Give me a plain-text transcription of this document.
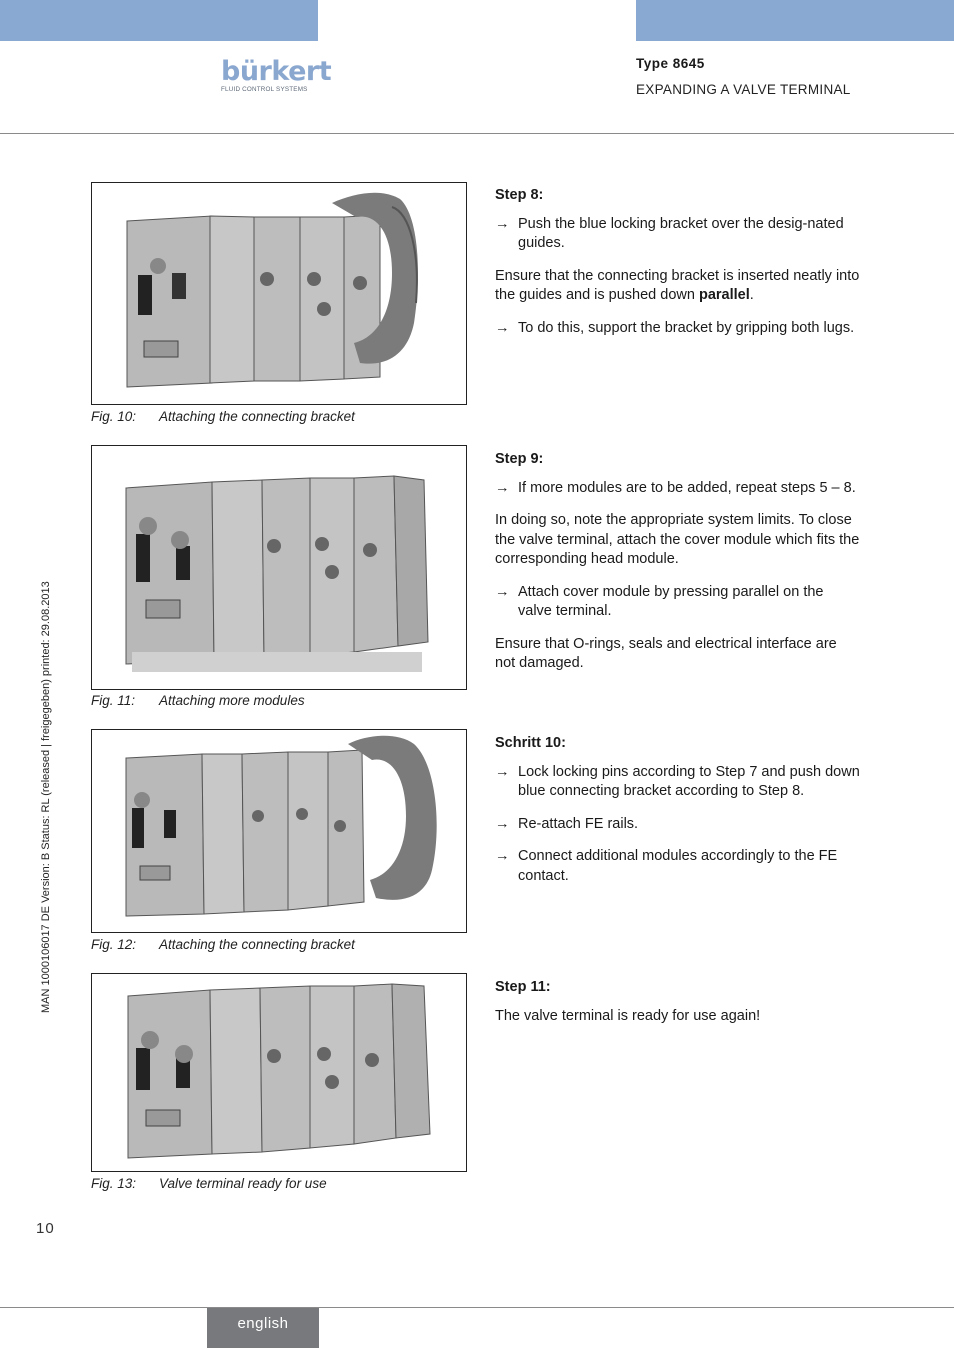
bürkert
FLUID CONTROL SYSTEMS
Type 8645
EXPANDING A VALVE TERMINAL
Fig. 10: Attaching the connecting bracket
Step 8:
→ Push the blue locking bracket over the desig-nated guides.

Ensure that the connecting bracket is inserted neatly into the guides and is pushed down parallel.

→ To do this, support the bracket by gripping both lugs.
Fig. 11: Attaching more modules
Step 9:
→ If more modules are to be added, repeat steps 5 – 8.

In doing so, note the appropriate system limits. To close the valve terminal, attach the cover module which fits the corresponding head module.

→ Attach cover module by pressing parallel on the valve terminal.

Ensure that O-rings, seals and electrical interface are not damaged.

Fig. 12: Attaching the connecting bracket
Schritt 10:
→ Lock locking pins according to Step 7 and push down blue connecting bracket according to Step 8.
→ Re-attach FE rails.
→ Connect additional modules accordingly to the FE contact.
Fig. 13: Valve terminal ready for use
Step 11:

The valve terminal is ready for use again!

MAN 1000106017 DE Version: B Status: RL (released | freigegeben) printed: 29.08.2013
10
english
